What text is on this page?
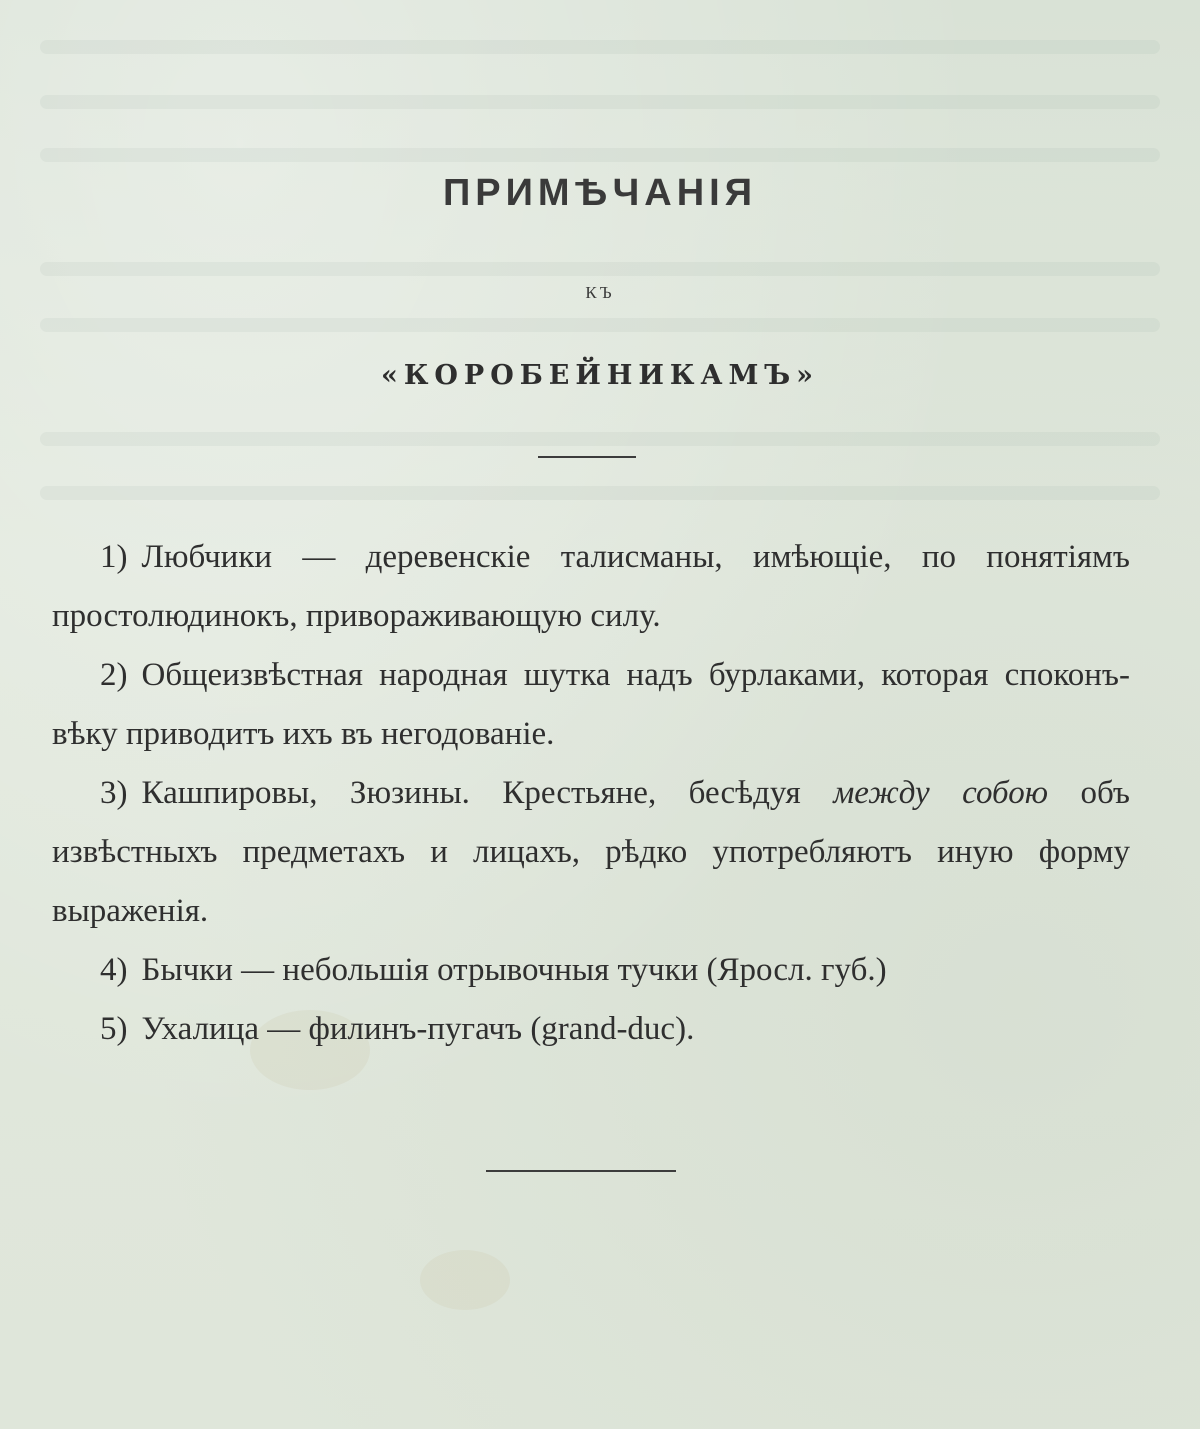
ПРИМѢЧАНІЯ
КЪ
«КОРОБЕЙНИКАМЪ»

1) Любчики — деревенскіе талисманы, имѣющіе, по понятіямъ простолюдинокъ, привораживающую силу.

2) Общеизвѣстная народная шутка надъ бурлаками, которая споконъ-вѣку приводитъ ихъ въ негодованіе.

3) Кашпировы, Зюзины. Крестьяне, бесѣдуя между собою объ извѣстныхъ предметахъ и лицахъ, рѣдко употребляютъ иную форму выраженія.

4) Бычки — небольшія отрывочныя тучки (Яросл. губ.)

5) Ухалица — филинъ-пугачъ (grand-duc).
